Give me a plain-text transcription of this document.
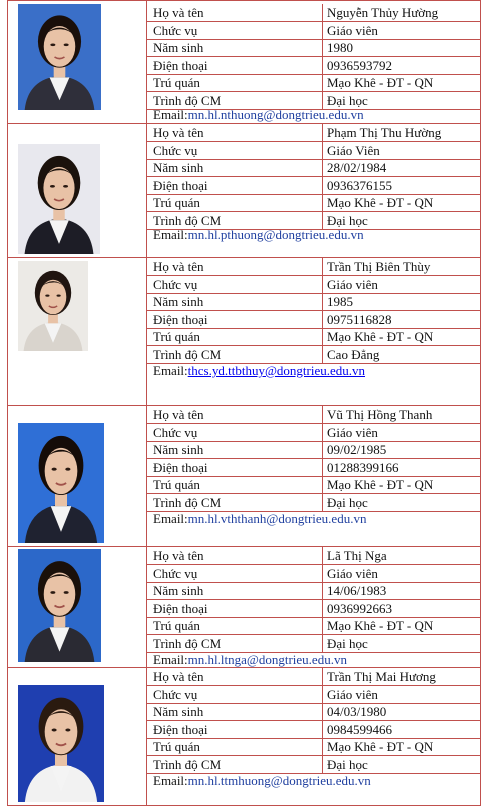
Họ và tên	Nguyễn Thủy Hường
Chức vụ	Giáo viên
Năm sinh	1980
Điện thoại	0936593792
Trú quán	Mạo Khê - ĐT - QN
Trình độ CM	Đại học
Email:mn.hl.nthuong@dongtrieu.edu.vn
Họ và tên	Phạm Thị Thu Hường
Chức vụ	Giáo Viên
Năm sinh	28/02/1984
Điện thoại	0936376155
Trú quán	Mạo Khê - ĐT - QN
Trình độ CM	Đại học
Email:mn.hl.pthuong@dongtrieu.edu.vn
Họ và tên	Trần Thị Biên Thùy
Chức vụ	Giáo viên
Năm sinh	1985
Điện thoại	0975116828
Trú quán	Mạo Khê - ĐT - QN
Trình độ CM	Cao Đẳng
Email:thcs.yd.ttbthuy@dongtrieu.edu.vn
Họ và tên	Vũ Thị Hồng Thanh
Chức vụ	Giáo viên
Năm sinh	09/02/1985
Điện thoại	01288399166
Trú quán	Mạo Khê - ĐT - QN
Trình độ CM	Đại học
Email:mn.hl.vththanh@dongtrieu.edu.vn
Họ và tên	Lã Thị Nga
Chức vụ	Giáo viên
Năm sinh	14/06/1983
Điện thoại	0936992663
Trú quán	Mạo Khê - ĐT - QN
Trình độ CM	Đại học
Email:mn.hl.ltnga@dongtrieu.edu.vn
Họ và tên	Trần Thị Mai Hương
Chức vụ	Giáo viên
Năm sinh	04/03/1980
Điện thoại	0984599466
Trú quán	Mạo Khê - ĐT - QN
Trình độ CM	Đại học
Email:mn.hl.ttmhuong@dongtrieu.edu.vn
